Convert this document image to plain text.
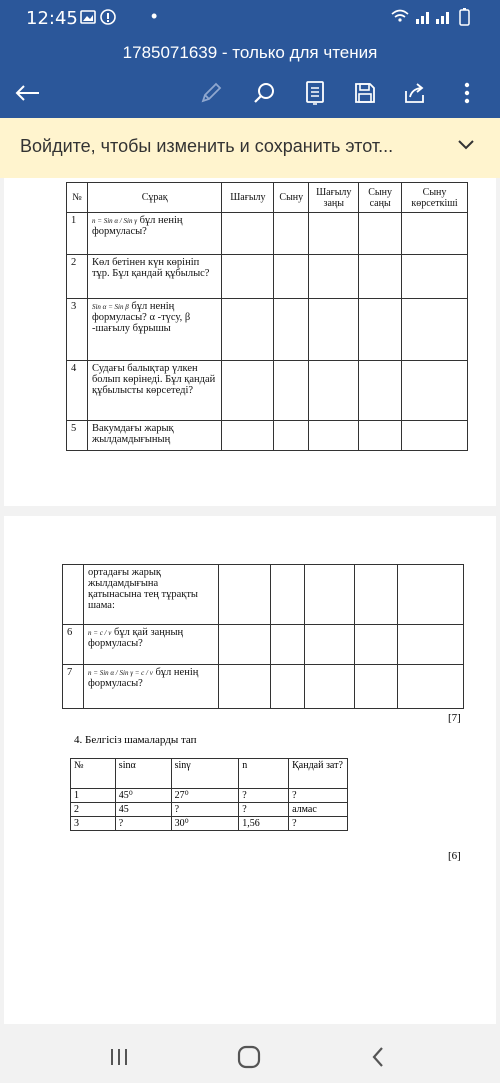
12:45	•
1785071639 - только для чтения
Войдите, чтобы изменить и сохранить этот...
№	Сұрақ	Шағылу	Сыну	Шағылу заңы	Сыну саңы	Сыну көрсеткіші
1	n = Sin α / Sin γ бұл ненің формуласы?					
2	Көл бетінен күн көрініп тұр. Бұл қандай құбылыс?					
3	Sin α = Sin β бұл ненің формуласы? α -түсу, β -шағылу бұрышы					
4	Судағы балықтар үлкен болып көрінеді. Бұл қандай құбылысты көрсетеді?					
5	Вакумдағы жарық жылдамдығының					
	ортадағы жарық жылдамдығына қатынасына тең тұрақты шама:					
6	n = c / v бұл қай заңның формуласы?					
7	n = Sin α / Sin γ = c / v бұл ненің формуласы?					
[7]
4. Белгісіз шамаларды тап
№	sinα	sinγ	n	Қандай зат?
1	45⁰	27⁰	?	?
2	45	?	?	алмас
3	?	30⁰	1,56	?
[6]
